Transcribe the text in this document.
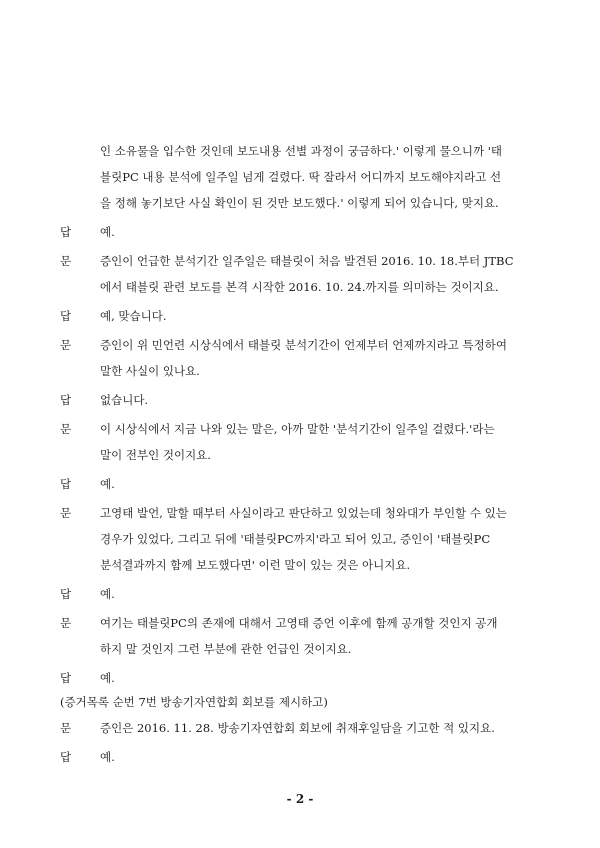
인 소유물을 입수한 것인데 보도내용 선별 과정이 궁금하다.' 이렇게 물으니까 '태
블릿PC 내용 분석에 일주일 넘게 걸렸다. 딱 잘라서 어디까지 보도해야지라고 선
을 정해 놓기보단 사실 확인이 된 것만 보도했다.' 이렇게 되어 있습니다, 맞지요.
답	예.
문	증인이 언급한 분석기간 일주일은 태블릿이 처음 발견된 2016. 10. 18.부터 JTBC
에서 태블릿 관련 보도를 본격 시작한 2016. 10. 24.까지를 의미하는 것이지요.
답	예, 맞습니다.
문	증인이 위 민언련 시상식에서 태블릿 분석기간이 언제부터 언제까지라고 특정하여
말한 사실이 있나요.
답	없습니다.
문	이 시상식에서 지금 나와 있는 말은, 아까 말한 '분석기간이 일주일 걸렸다.'라는
말이 전부인 것이지요.
답	예.
문	고영태 발언, 말할 때부터 사실이라고 판단하고 있었는데 청와대가 부인할 수 있는
경우가 있었다, 그리고 뒤에 '태블릿PC까지'라고 되어 있고, 증인이 '태블릿PC
분석결과까지 함께 보도했다면' 이런 말이 있는 것은 아니지요.
답	예.
문	여기는 태블릿PC의 존재에 대해서 고영태 증언 이후에 함께 공개할 것인지 공개
하지 말 것인지 그런 부분에 관한 언급인 것이지요.
답	예.
(증거목록 순번 7번 방송기자연합회 회보를 제시하고)
문	증인은 2016. 11. 28. 방송기자연합회 회보에 취재후일담을 기고한 적 있지요.
답	예.
- 2 -
